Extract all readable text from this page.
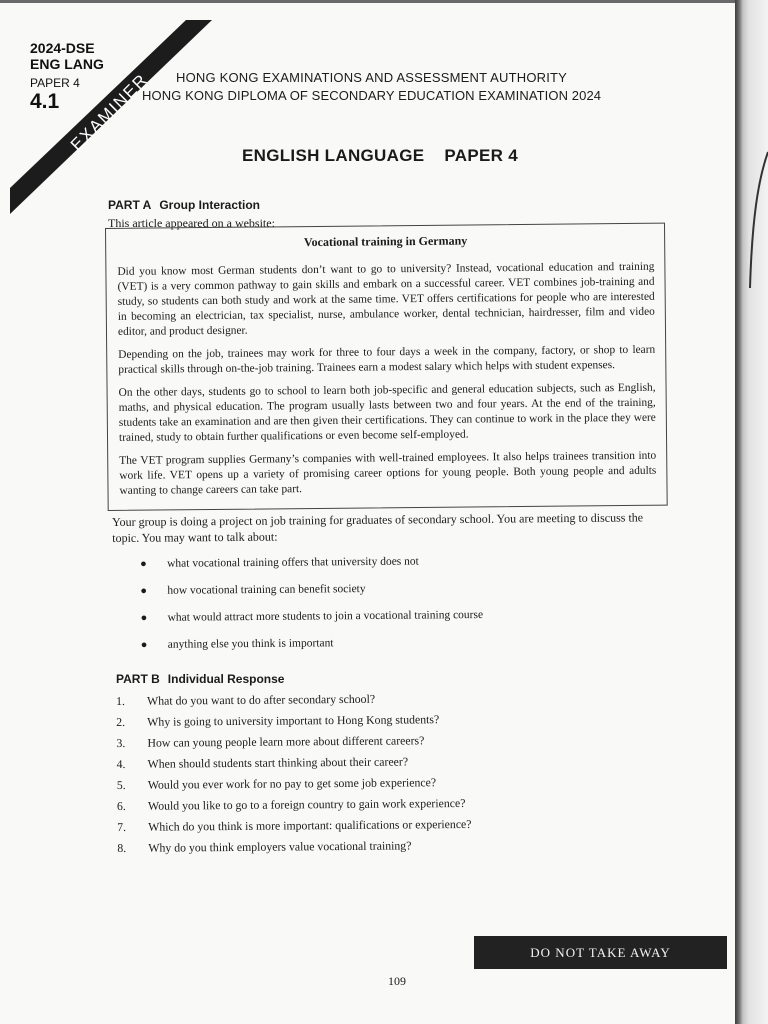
EXAMINER
2024-DSE
ENG LANG
PAPER 4
4.1
HONG KONG EXAMINATIONS AND ASSESSMENT AUTHORITY
HONG KONG DIPLOMA OF SECONDARY EDUCATION EXAMINATION 2024
ENGLISH LANGUAGE PAPER 4
PART A Group Interaction
This article appeared on a website:
Vocational training in Germany

Did you know most German students don’t want to go to university? Instead, vocational education and training (VET) is a very common pathway to gain skills and embark on a successful career. VET combines job-training and study, so students can both study and work at the same time. VET offers certifications for people who are interested in becoming an electrician, tax specialist, nurse, ambulance worker, dental technician, hairdresser, film and video editor, and product designer.

Depending on the job, trainees may work for three to four days a week in the company, factory, or shop to learn practical skills through on-the-job training. Trainees earn a modest salary which helps with student expenses.

On the other days, students go to school to learn both job-specific and general education subjects, such as English, maths, and physical education. The program usually lasts between two and four years. At the end of the training, students take an examination and are then given their certifications. They can continue to work in the place they were trained, study to obtain further qualifications or even become self-employed.

The VET program supplies Germany’s companies with well-trained employees. It also helps trainees transition into work life. VET opens up a variety of promising career options for young people. Both young people and adults wanting to change careers can take part.

Your group is doing a project on job training for graduates of secondary school. You are meeting to discuss the topic. You may want to talk about:
● what vocational training offers that university does not
● how vocational training can benefit society
● what would attract more students to join a vocational training course
● anything else you think is important
PART B Individual Response
1. What do you want to do after secondary school?
2. Why is going to university important to Hong Kong students?
3. How can young people learn more about different careers?
4. When should students start thinking about their career?
5. Would you ever work for no pay to get some job experience?
6. Would you like to go to a foreign country to gain work experience?
7. Which do you think is more important: qualifications or experience?
8. Why do you think employers value vocational training?
DO NOT TAKE AWAY
109
